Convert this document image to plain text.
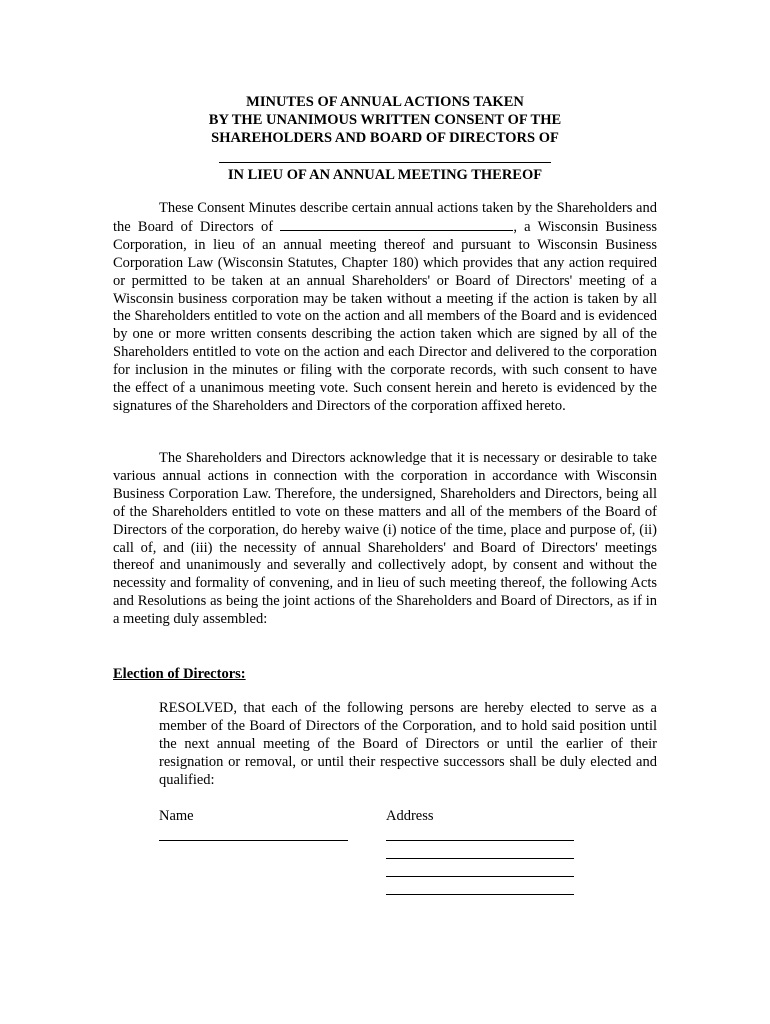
MINUTES OF ANNUAL ACTIONS TAKEN
BY THE UNANIMOUS WRITTEN CONSENT OF THE
SHAREHOLDERS AND BOARD OF DIRECTORS OF
IN LIEU OF AN ANNUAL MEETING THEREOF

These Consent Minutes describe certain annual actions taken by the Shareholders and the Board of Directors of	, a Wisconsin Business Corporation, in lieu of an annual meeting thereof and pursuant to Wisconsin Business Corporation Law (Wisconsin Statutes, Chapter 180) which provides that any action required or permitted to be taken at an annual Shareholders' or Board of Directors' meeting of a Wisconsin business corporation may be taken without a meeting if the action is taken by all the Shareholders entitled to vote on the action and all members of the Board and is evidenced by one or more written consents describing the action taken which are signed by all of the Shareholders entitled to vote on the action and each Director and delivered to the corporation for inclusion in the minutes or filing with the corporate records, with such consent to have the effect of a unanimous meeting vote. Such consent herein and hereto is evidenced by the signatures of the Shareholders and Directors of the corporation affixed hereto.

The Shareholders and Directors acknowledge that it is necessary or desirable to take various annual actions in connection with the corporation in accordance with Wisconsin Business Corporation Law. Therefore, the undersigned, Shareholders and Directors, being all of the Shareholders entitled to vote on these matters and all of the members of the Board of Directors of the corporation, do hereby waive (i) notice of the time, place and purpose of, (ii) call of, and (iii) the necessity of annual Shareholders' and Board of Directors' meetings thereof and unanimously and severally and collectively adopt, by consent and without the necessity and formality of convening, and in lieu of such meeting thereof, the following Acts and Resolutions as being the joint actions of the Shareholders and Board of Directors, as if in a meeting duly assembled:

Election of Directors:

RESOLVED, that each of the following persons are hereby elected to serve as a member of the Board of Directors of the Corporation, and to hold said position until the next annual meeting of the Board of Directors or until the earlier of their resignation or removal, or until their respective successors shall be duly elected and qualified:

Name	Address
